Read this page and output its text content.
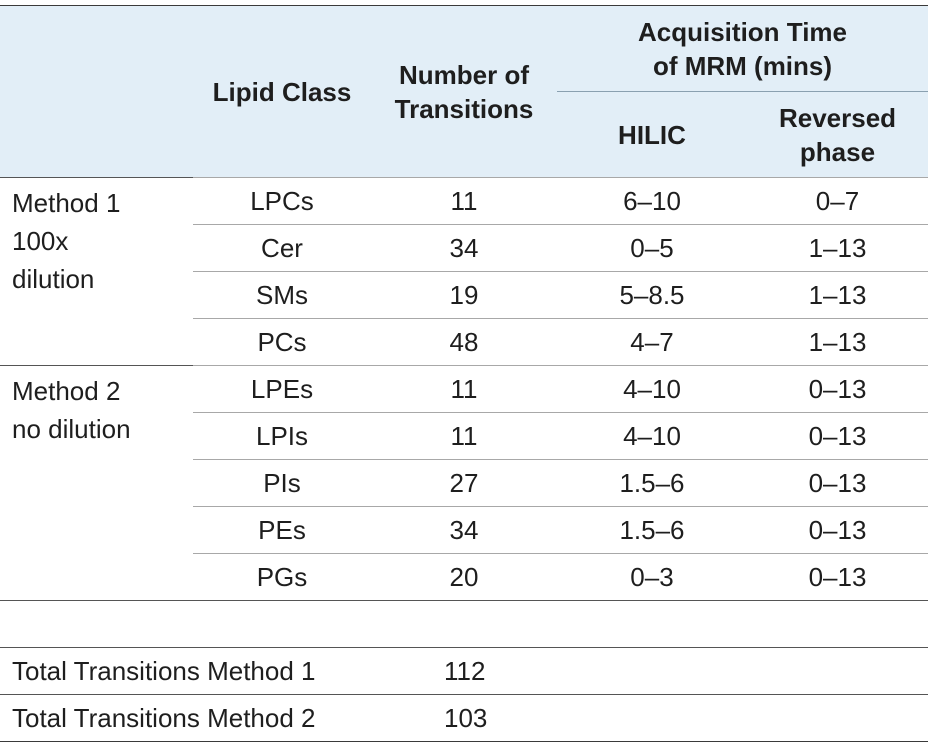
	Lipid Class	Number of Transitions	Acquisition Time of MRM (mins)	
			HILIC	Reversed phase
Method 1
100x
dilution	LPCs	11	6–10	0–7
	Cer	34	0–5	1–13
	SMs	19	5–8.5	1–13
	PCs	48	4–7	1–13
Method 2
no dilution	LPEs	11	4–10	0–13
	LPIs	11	4–10	0–13
	PIs	27	1.5–6	0–13
	PEs	34	1.5–6	0–13
	PGs	20	0–3	0–13

Total Transitions Method 1		112		
Total Transitions Method 2		103		
